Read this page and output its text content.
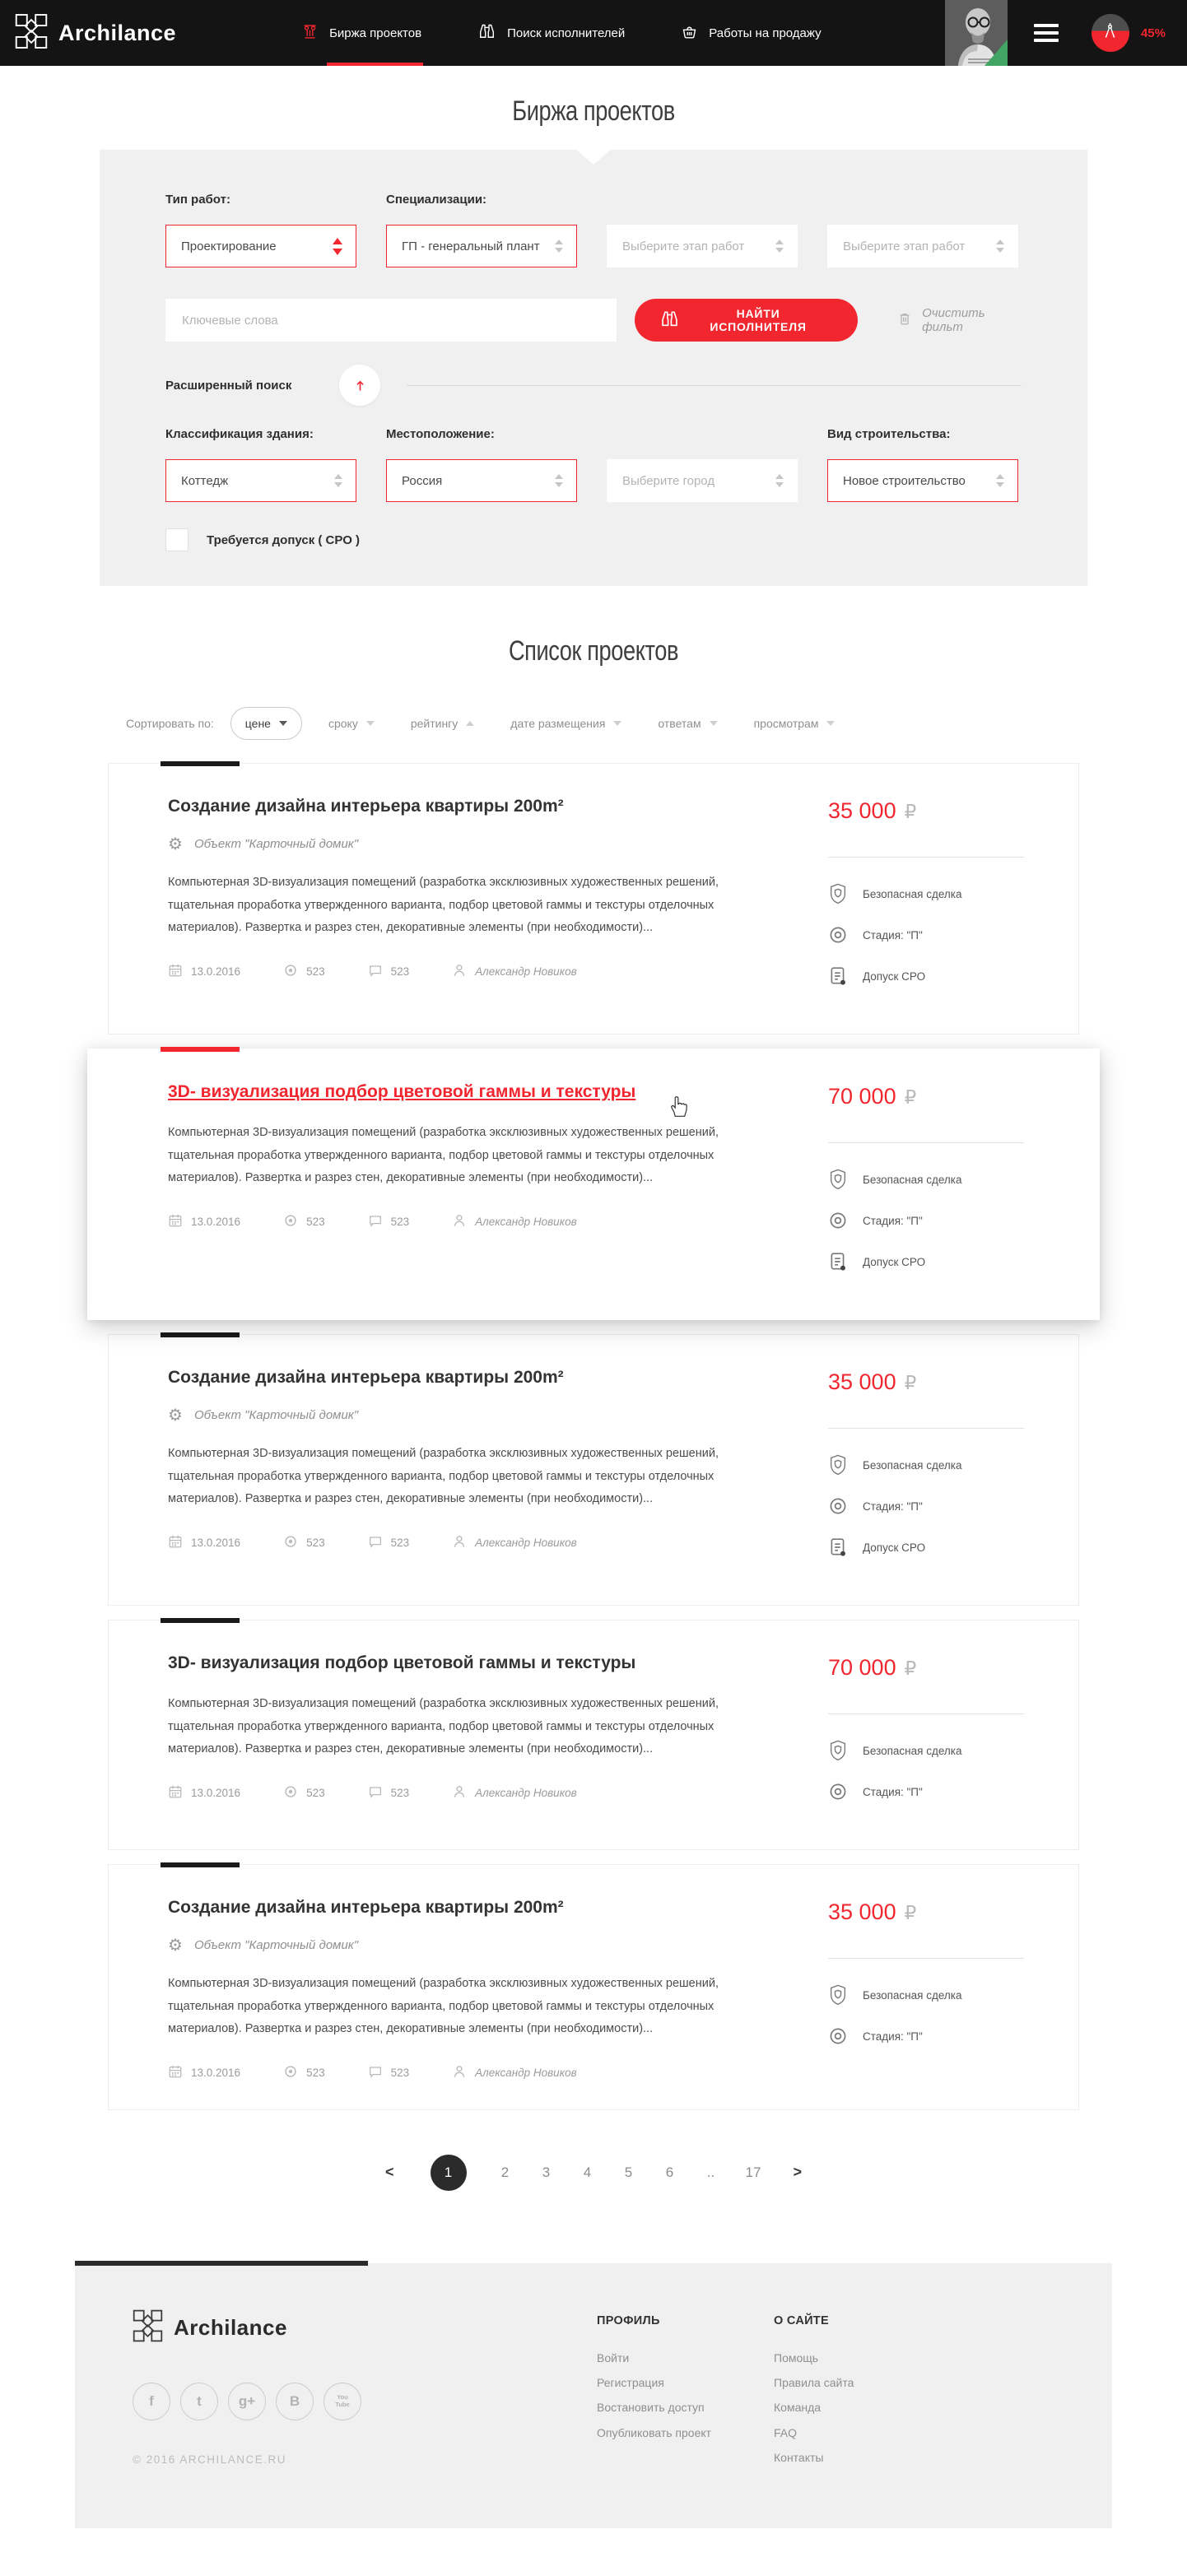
Archilance	Биржа проектов	Поиск исполнителей	Работы на продажу	45%
Биржа проектов
Тип работ:
Проектирование
Специализации:
ГП - генеральный плант	Выберите этап работ	Выберите этап работ
Ключевые слова
НАЙТИ ИСПОЛНИТЕЛЯ
Очистить фильт
Расширенный поиск
Классификация здания:
Коттедж
Местоположение:
Россия	Выберите город
Вид строительства:
Новое строительство
Требуется допуск ( СРО )
Список проектов
Сортировать по:	цене	сроку	рейтингу	дате размещения	ответам	просмотрам
Создание дизайна интерьера квартиры 200m²
⚙ Объект "Карточный домик"

Компьютерная 3D-визуализация помещений (разработка эксклюзивных художественных решений, тщательная проработка утвержденного варианта, подбор цветовой гаммы и текстуры отделочных материалов). Развертка и разрез стен, декоративные элементы (при необходимости)...

13.0.2016	523	523	Александр Новиков
35 000 ₽
Безопасная сделка
Стадия: "П"
Допуск СРО
3D- визуализация подбор цветовой гаммы и текстуры

Компьютерная 3D-визуализация помещений (разработка эксклюзивных художественных решений, тщательная проработка утвержденного варианта, подбор цветовой гаммы и текстуры отделочных материалов). Развертка и разрез стен, декоративные элементы (при необходимости)...

13.0.2016	523	523	Александр Новиков
70 000 ₽
Безопасная сделка
Стадия: "П"
Допуск СРО
Создание дизайна интерьера квартиры 200m²
⚙ Объект "Карточный домик"

Компьютерная 3D-визуализация помещений (разработка эксклюзивных художественных решений, тщательная проработка утвержденного варианта, подбор цветовой гаммы и текстуры отделочных материалов). Развертка и разрез стен, декоративные элементы (при необходимости)...

13.0.2016	523	523	Александр Новиков
35 000 ₽
Безопасная сделка
Стадия: "П"
Допуск СРО
3D- визуализация подбор цветовой гаммы и текстуры

Компьютерная 3D-визуализация помещений (разработка эксклюзивных художественных решений, тщательная проработка утвержденного варианта, подбор цветовой гаммы и текстуры отделочных материалов). Развертка и разрез стен, декоративные элементы (при необходимости)...

13.0.2016	523	523	Александр Новиков
70 000 ₽
Безопасная сделка
Стадия: "П"
Создание дизайна интерьера квартиры 200m²
⚙ Объект "Карточный домик"

Компьютерная 3D-визуализация помещений (разработка эксклюзивных художественных решений, тщательная проработка утвержденного варианта, подбор цветовой гаммы и текстуры отделочных материалов). Развертка и разрез стен, декоративные элементы (при необходимости)...

13.0.2016	523	523	Александр Новиков
35 000 ₽
Безопасная сделка
Стадия: "П"
<	1	2 3 4 5 6 .. 17 >
Archilance
f	t	g+ B	You
Tube
© 2016 ARCHILANCE.RU
ПРОФИЛЬ
Войти
Регистрация
Востановить доступ
Опубликовать проект
О САЙТЕ
Помощь
Правила сайта
Команда
FAQ
Контакты
